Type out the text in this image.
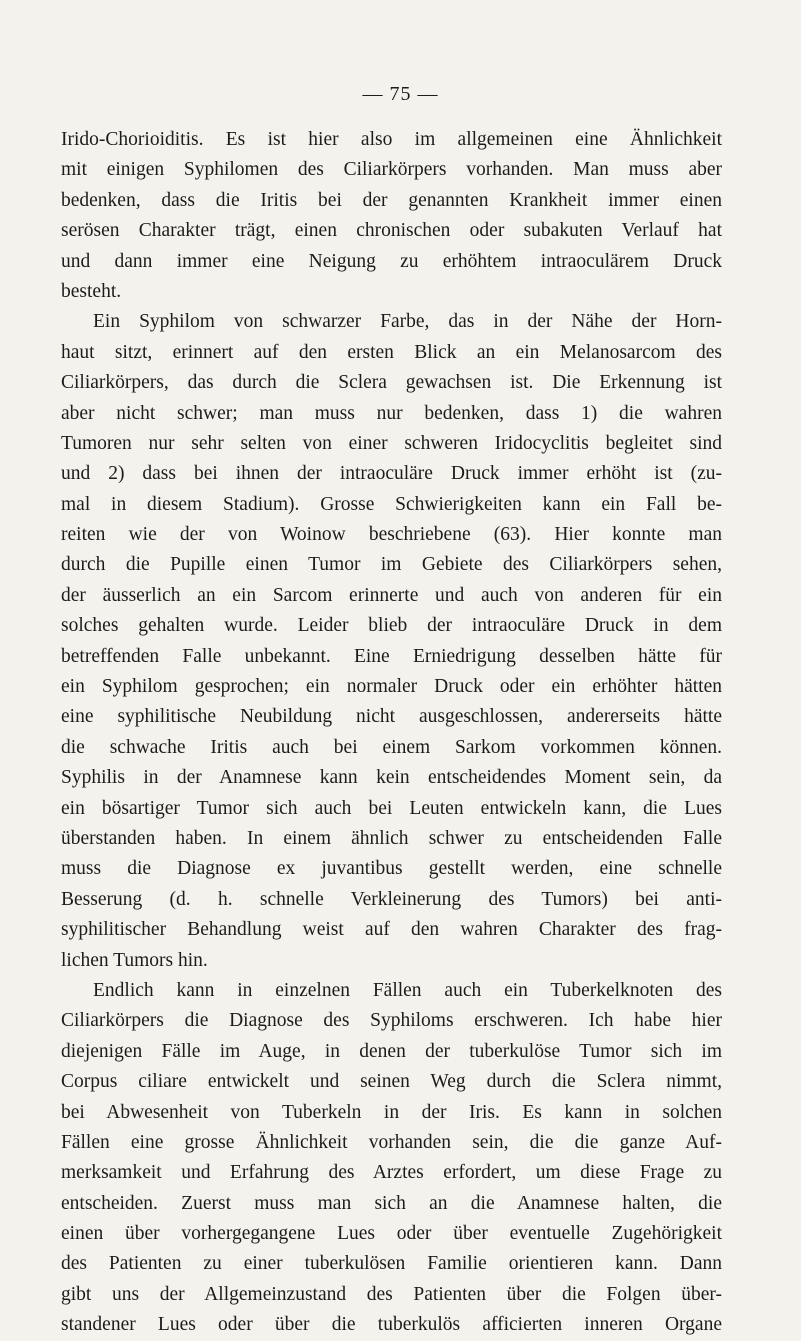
— 75 —
Irido-Chorioiditis. Es ist hier also im allgemeinen eine Ähnlichkeit
mit einigen Syphilomen des Ciliarkörpers vorhanden. Man muss aber
bedenken, dass die Iritis bei der genannten Krankheit immer einen
serösen Charakter trägt, einen chronischen oder subakuten Verlauf hat
und dann immer eine Neigung zu erhöhtem intraoculärem Druck
besteht.
Ein Syphilom von schwarzer Farbe, das in der Nähe der Horn-
haut sitzt, erinnert auf den ersten Blick an ein Melanosarcom des
Ciliarkörpers, das durch die Sclera gewachsen ist. Die Erkennung ist
aber nicht schwer; man muss nur bedenken, dass 1) die wahren
Tumoren nur sehr selten von einer schweren Iridocyclitis begleitet sind
und 2) dass bei ihnen der intraoculäre Druck immer erhöht ist (zu-
mal in diesem Stadium). Grosse Schwierigkeiten kann ein Fall be-
reiten wie der von Woinow beschriebene (63). Hier konnte man
durch die Pupille einen Tumor im Gebiete des Ciliarkörpers sehen,
der äusserlich an ein Sarcom erinnerte und auch von anderen für ein
solches gehalten wurde. Leider blieb der intraoculäre Druck in dem
betreffenden Falle unbekannt. Eine Erniedrigung desselben hätte für
ein Syphilom gesprochen; ein normaler Druck oder ein erhöhter hätten
eine syphilitische Neubildung nicht ausgeschlossen, andererseits hätte
die schwache Iritis auch bei einem Sarkom vorkommen können.
Syphilis in der Anamnese kann kein entscheidendes Moment sein, da
ein bösartiger Tumor sich auch bei Leuten entwickeln kann, die Lues
überstanden haben. In einem ähnlich schwer zu entscheidenden Falle
muss die Diagnose ex juvantibus gestellt werden, eine schnelle
Besserung (d. h. schnelle Verkleinerung des Tumors) bei anti-
syphilitischer Behandlung weist auf den wahren Charakter des frag-
lichen Tumors hin.
Endlich kann in einzelnen Fällen auch ein Tuberkelknoten des
Ciliarkörpers die Diagnose des Syphiloms erschweren. Ich habe hier
diejenigen Fälle im Auge, in denen der tuberkulöse Tumor sich im
Corpus ciliare entwickelt und seinen Weg durch die Sclera nimmt,
bei Abwesenheit von Tuberkeln in der Iris. Es kann in solchen
Fällen eine grosse Ähnlichkeit vorhanden sein, die die ganze Auf-
merksamkeit und Erfahrung des Arztes erfordert, um diese Frage zu
entscheiden. Zuerst muss man sich an die Anamnese halten, die
einen über vorhergegangene Lues oder über eventuelle Zugehörigkeit
des Patienten zu einer tuberkulösen Familie orientieren kann. Dann
gibt uns der Allgemeinzustand des Patienten über die Folgen über-
standener Lues oder über die tuberkulös afficierten inneren Organe
